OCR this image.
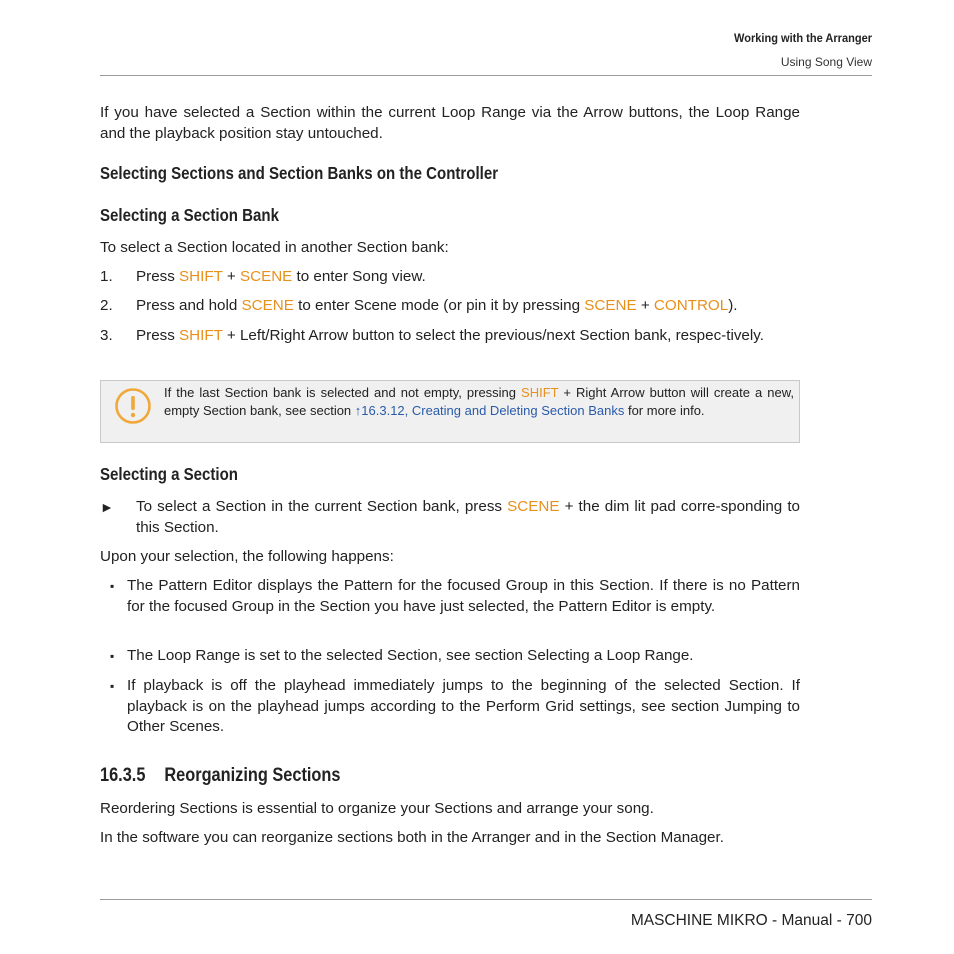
Working with the Arranger
Using Song View
If you have selected a Section within the current Loop Range via the Arrow buttons, the Loop Range and the playback position stay untouched.
Selecting Sections and Section Banks on the Controller
Selecting a Section Bank
To select a Section located in another Section bank:
1. Press SHIFT + SCENE to enter Song view.
2. Press and hold SCENE to enter Scene mode (or pin it by pressing SCENE + CONTROL).
3. Press SHIFT + Left/Right Arrow button to select the previous/next Section bank, respec-tively.
If the last Section bank is selected and not empty, pressing SHIFT + Right Arrow button will create a new, empty Section bank, see section ↑16.3.12, Creating and Deleting Section Banks for more info.
Selecting a Section
► To select a Section in the current Section bank, press SCENE + the dim lit pad corre-sponding to this Section.
Upon your selection, the following happens:
▪ The Pattern Editor displays the Pattern for the focused Group in this Section. If there is no Pattern for the focused Group in the Section you have just selected, the Pattern Editor is empty.
▪ The Loop Range is set to the selected Section, see section Selecting a Loop Range.
▪ If playback is off the playhead immediately jumps to the beginning of the selected Section. If playback is on the playhead jumps according to the Perform Grid settings, see section Jumping to Other Scenes.
16.3.5 Reorganizing Sections
Reordering Sections is essential to organize your Sections and arrange your song.
In the software you can reorganize sections both in the Arranger and in the Section Manager.
MASCHINE MIKRO - Manual - 700
